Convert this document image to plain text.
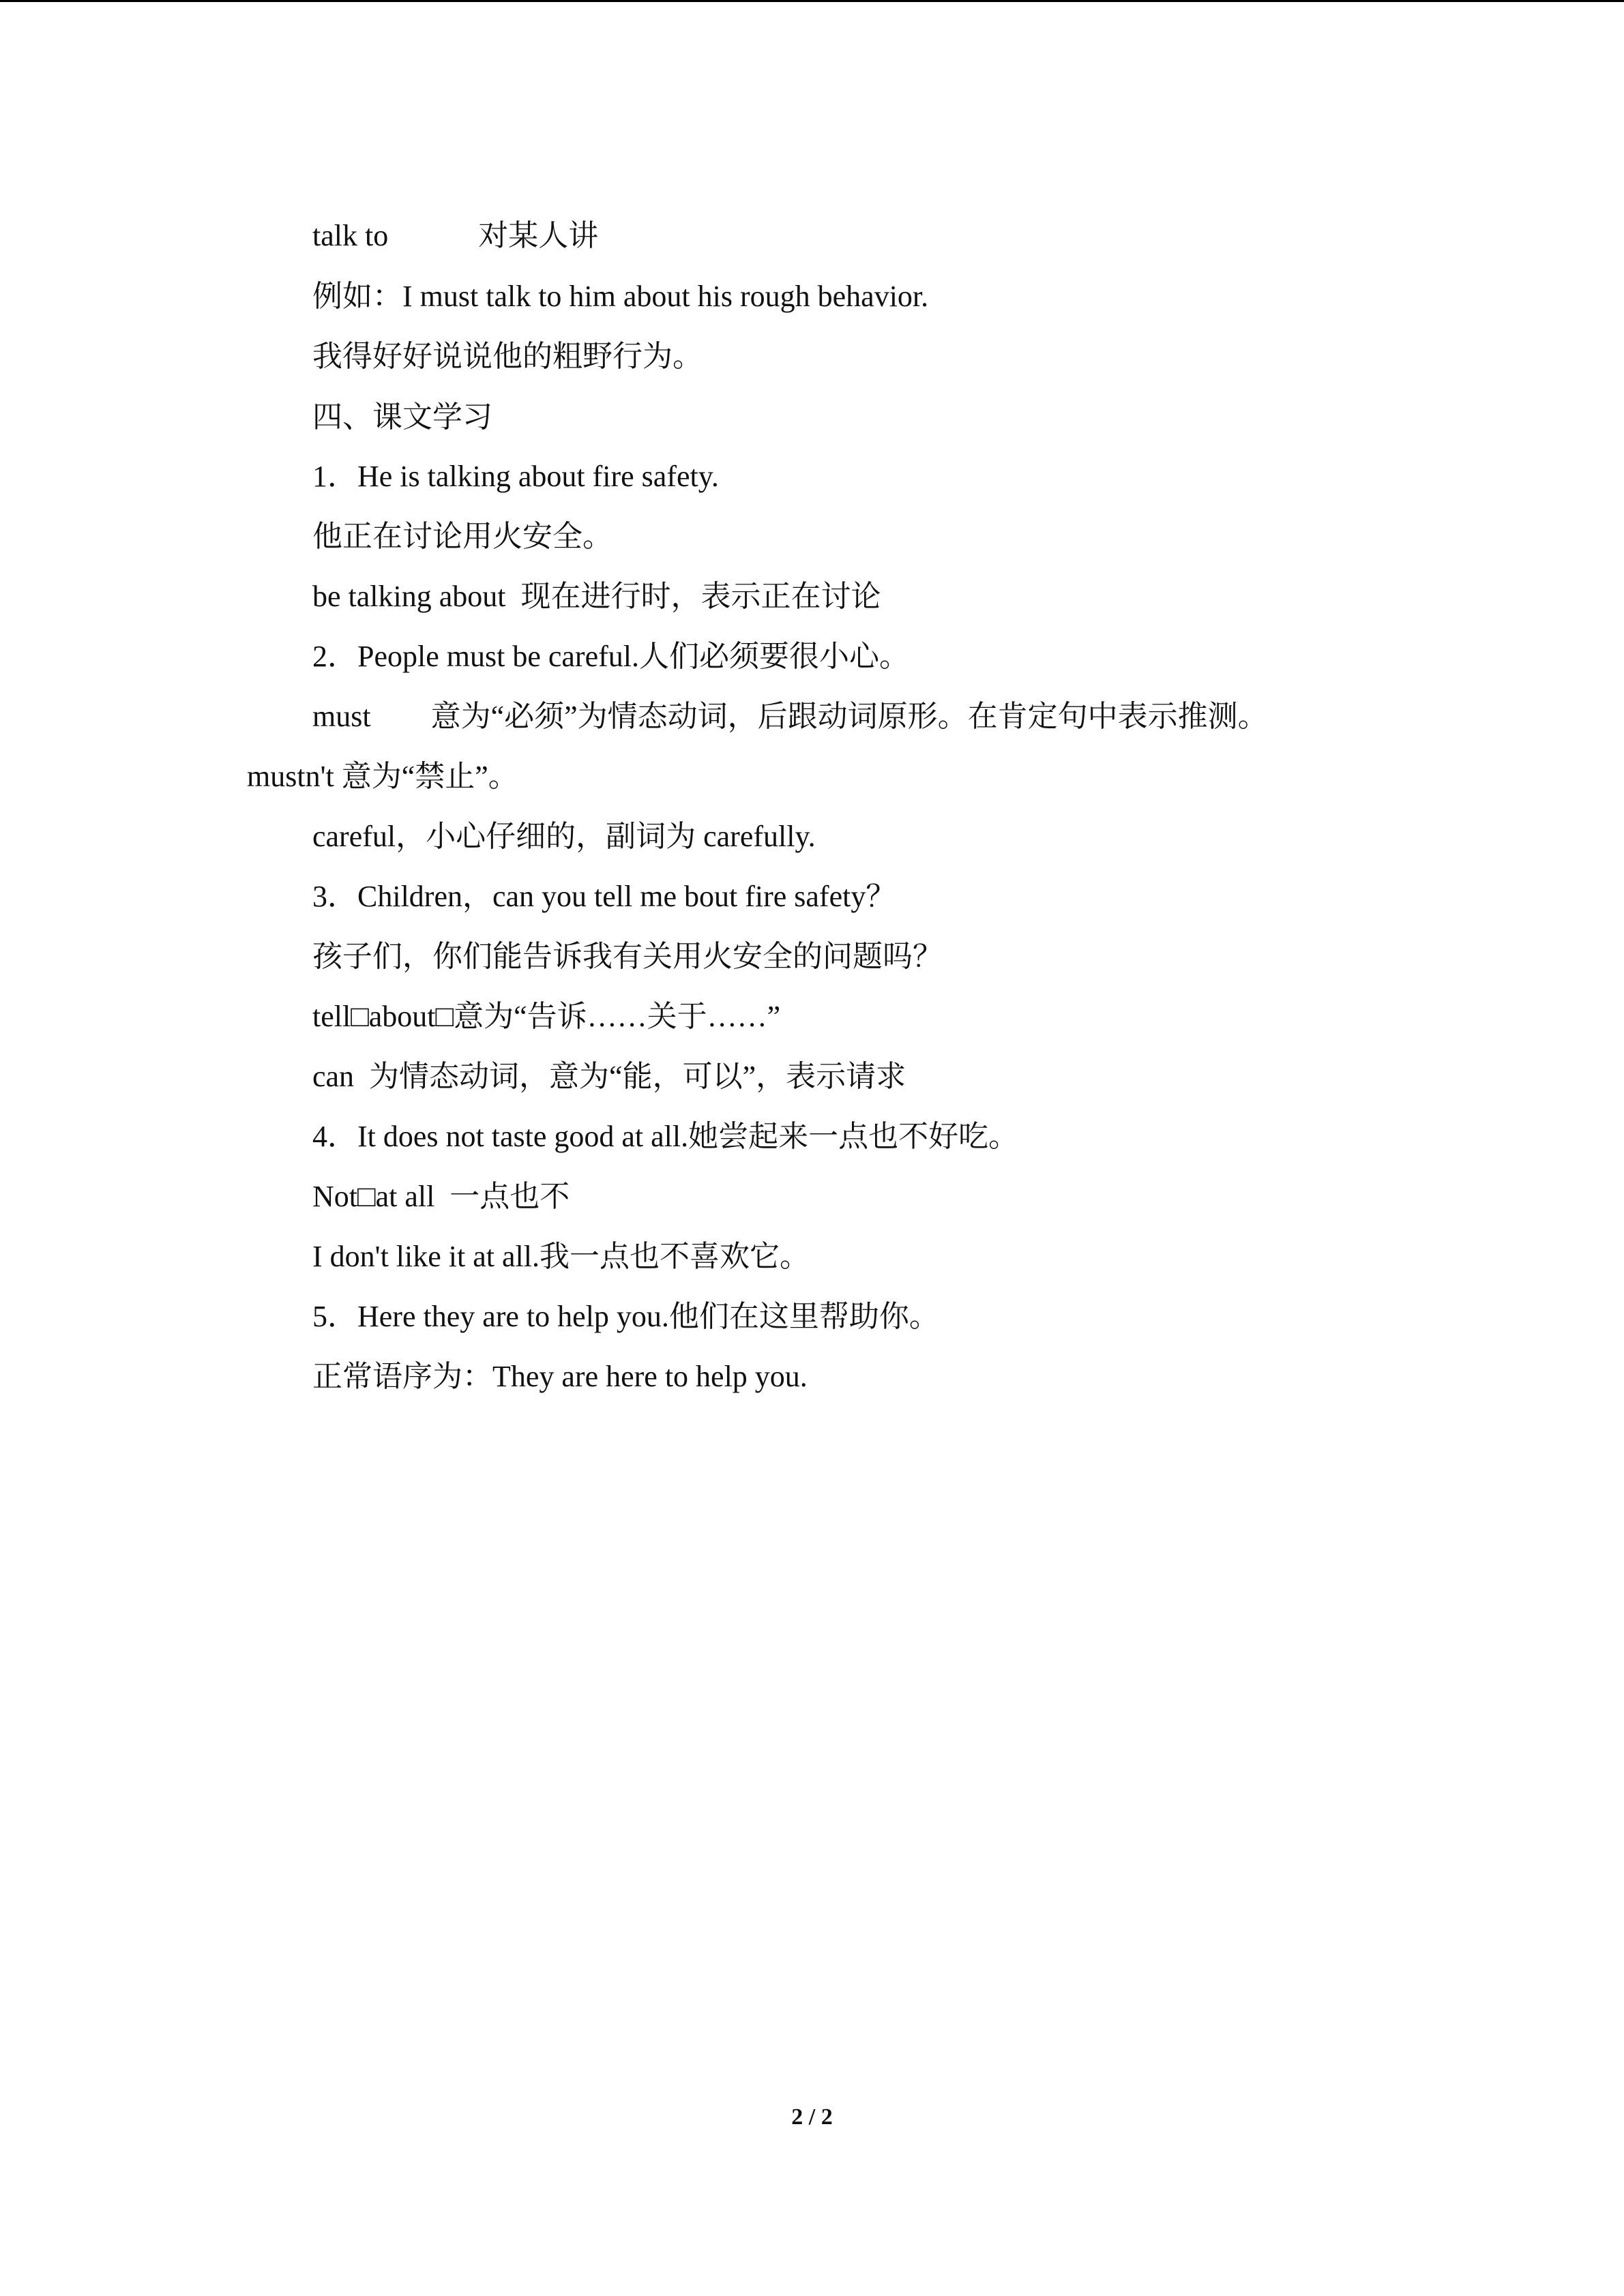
talk to            对某人讲
例如：I must talk to him about his rough behavior.
我得好好说说他的粗野行为。
四、课文学习
1．He is talking about fire safety.
他正在讨论用火安全。
be talking about  现在进行时，表示正在讨论
2．People must be careful.人们必须要很小心。
must        意为“必须”为情态动词，后跟动词原形。在肯定句中表示推测。
mustn't 意为“禁止”。
careful，小心仔细的，副词为 carefully.
3．Children，can you tell me bout fire safety？
孩子们，你们能告诉我有关用火安全的问题吗？
tell□about□意为“告诉……关于……”
can  为情态动词，意为“能，可以”，表示请求
4．It does not taste good at all.她尝起来一点也不好吃。
Not□at all  一点也不
I don't like it at all.我一点也不喜欢它。
5．Here they are to help you.他们在这里帮助你。
正常语序为：They are here to help you.
2 / 2
